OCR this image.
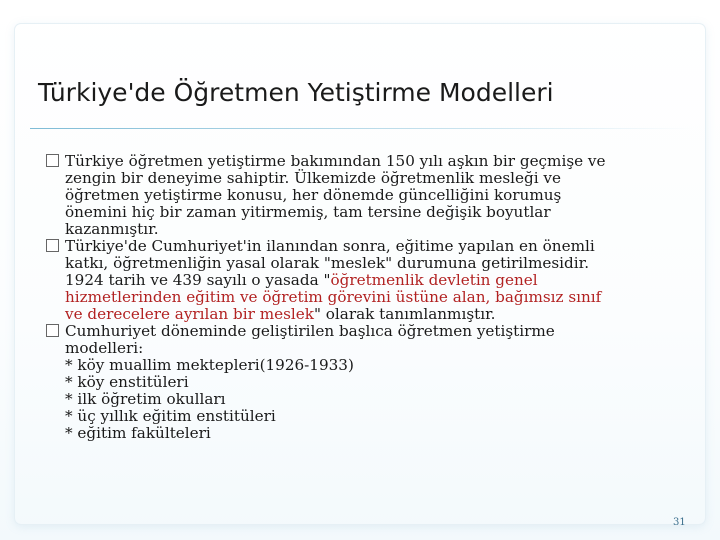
Türkiye'de Öğretmen Yetiştirme Modelleri

Türkiye öğretmen yetiştirme bakımından 150 yılı aşkın bir geçmişe ve
zengin bir deneyime sahiptir. Ülkemizde öğretmenlik mesleği ve
öğretmen yetiştirme konusu, her dönemde güncelliğini korumuş
önemini hiç bir zaman yitirmemiş, tam tersine değişik boyutlar
kazanmıştır.

Türkiye'de Cumhuriyet'in ilanından sonra, eğitime yapılan en önemli
katkı, öğretmenliğin yasal olarak "meslek" durumuna getirilmesidir.
1924 tarih ve 439 sayılı o yasada "öğretmenlik devletin genel
hizmetlerinden eğitim ve öğretim görevini üstüne alan, bağımsız sınıf
ve derecelere ayrılan bir meslek" olarak tanımlanmıştır.

Cumhuriyet döneminde geliştirilen başlıca öğretmen yetiştirme
modelleri:
* köy muallim mektepleri(1926-1933)
* köy enstitüleri
* ilk öğretim okulları
* üç yıllık eğitim enstitüleri
* eğitim fakülteleri

31
